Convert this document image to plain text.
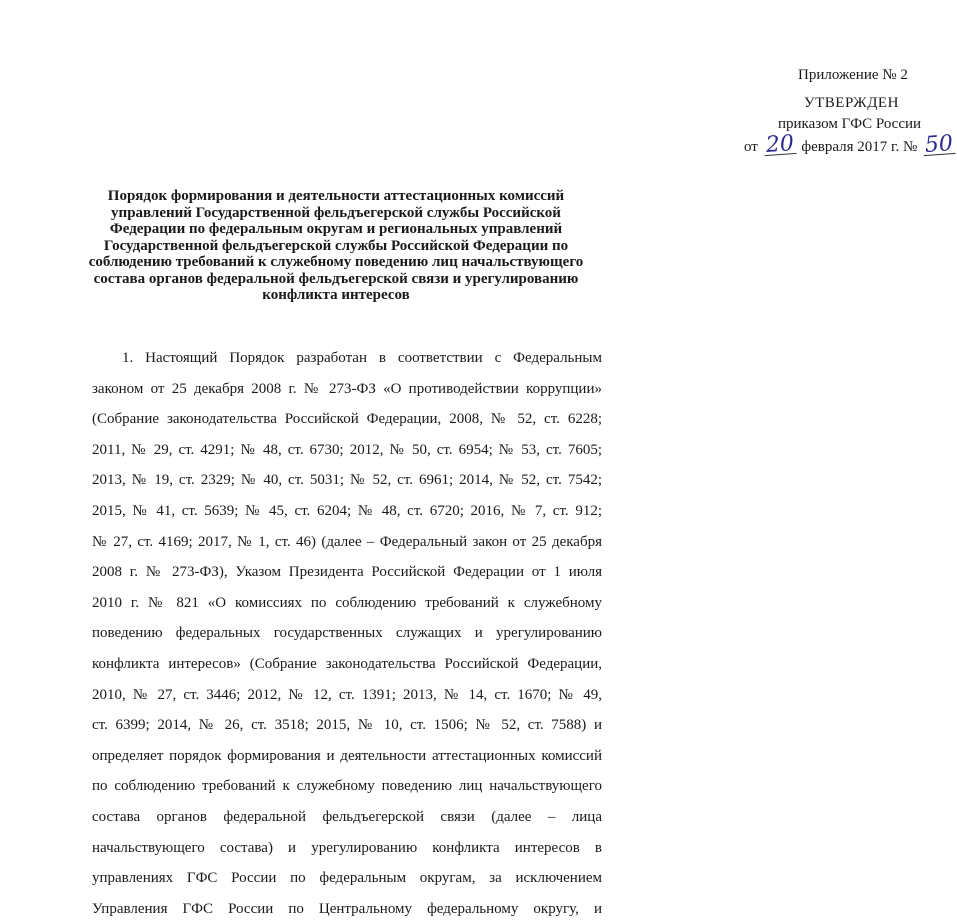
Приложение № 2
УТВЕРЖДЕН
приказом ГФС России
от 20 февраля 2017 г. № 50
Порядок формирования и деятельности аттестационных комиссий
управлений Государственной фельдъегерской службы Российской
Федерации по федеральным округам и региональных управлений
Государственной фельдъегерской службы Российской Федерации по
соблюдению требований к служебному поведению лиц начальствующего
состава органов федеральной фельдъегерской связи и урегулированию
конфликта интересов
1. Настоящий Порядок разработан в соответствии с Федеральным
законом от 25 декабря 2008 г. № 273-ФЗ «О противодействии коррупции»
(Собрание законодательства Российской Федерации, 2008, № 52, ст. 6228;
2011, № 29, ст. 4291; № 48, ст. 6730; 2012, № 50, ст. 6954; № 53, ст. 7605;
2013, № 19, ст. 2329; № 40, ст. 5031; № 52, ст. 6961; 2014, № 52, ст. 7542;
2015, № 41, ст. 5639; № 45, ст. 6204; № 48, ст. 6720; 2016, № 7, ст. 912;
№ 27, ст. 4169; 2017, № 1, ст. 46) (далее – Федеральный закон от 25 декабря
2008 г. № 273-ФЗ), Указом Президента Российской Федерации от 1 июля
2010 г. № 821 «О комиссиях по соблюдению требований к служебному
поведению федеральных государственных служащих и урегулированию
конфликта интересов» (Собрание законодательства Российской Федерации,
2010, № 27, ст. 3446; 2012, № 12, ст. 1391; 2013, № 14, ст. 1670; № 49,
ст. 6399; 2014, № 26, ст. 3518; 2015, № 10, ст. 1506; № 52, ст. 7588) и
определяет порядок формирования и деятельности аттестационных комиссий
по соблюдению требований к служебному поведению лиц начальствующего
состава органов федеральной фельдъегерской связи (далее – лица
начальствующего состава) и урегулированию конфликта интересов в
управлениях ГФС России по федеральным округам, за исключением
Управления ГФС России по Центральному федеральному округу, и
